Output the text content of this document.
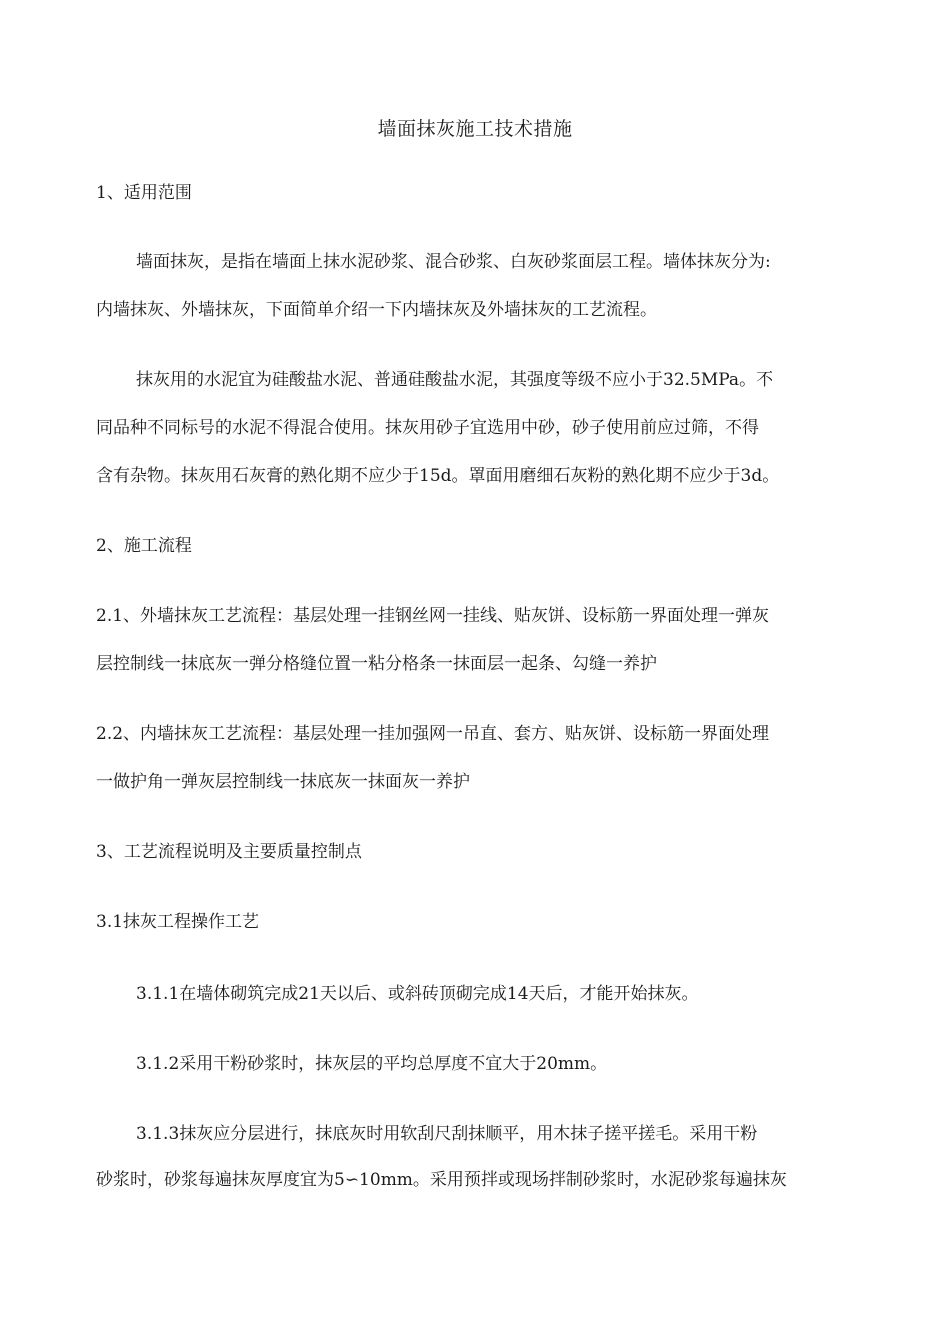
墙面抹灰施工技术措施
1、适用范围
墙面抹灰，是指在墙面上抹水泥砂浆、混合砂浆、白灰砂浆面层工程。墙体抹灰分为:
内墙抹灰、外墙抹灰，下面简单介绍一下内墙抹灰及外墙抹灰的工艺流程。
抹灰用的水泥宜为硅酸盐水泥、普通硅酸盐水泥，其强度等级不应小于32.5MPa。不
同品种不同标号的水泥不得混合使用。抹灰用砂子宜选用中砂，砂子使用前应过筛，不得
含有杂物。抹灰用石灰膏的熟化期不应少于15d。罩面用磨细石灰粉的熟化期不应少于3d。
2、施工流程
2.1、外墙抹灰工艺流程：基层处理一挂钢丝网一挂线、贴灰饼、设标筋一界面处理一弹灰
层控制线一抹底灰一弹分格缝位置一粘分格条一抹面层一起条、勾缝一养护
2.2、内墙抹灰工艺流程：基层处理一挂加强网一吊直、套方、贴灰饼、设标筋一界面处理
一做护角一弹灰层控制线一抹底灰一抹面灰一养护
3、工艺流程说明及主要质量控制点
3.1抹灰工程操作工艺
3.1.1在墙体砌筑完成21天以后、或斜砖顶砌完成14天后，才能开始抹灰。
3.1.2采用干粉砂浆时，抹灰层的平均总厚度不宜大于20mm。
3.1.3抹灰应分层进行，抹底灰时用软刮尺刮抹顺平，用木抹子搓平搓毛。采用干粉
砂浆时，砂浆每遍抹灰厚度宜为5∽10mm。采用预拌或现场拌制砂浆时，水泥砂浆每遍抹灰
